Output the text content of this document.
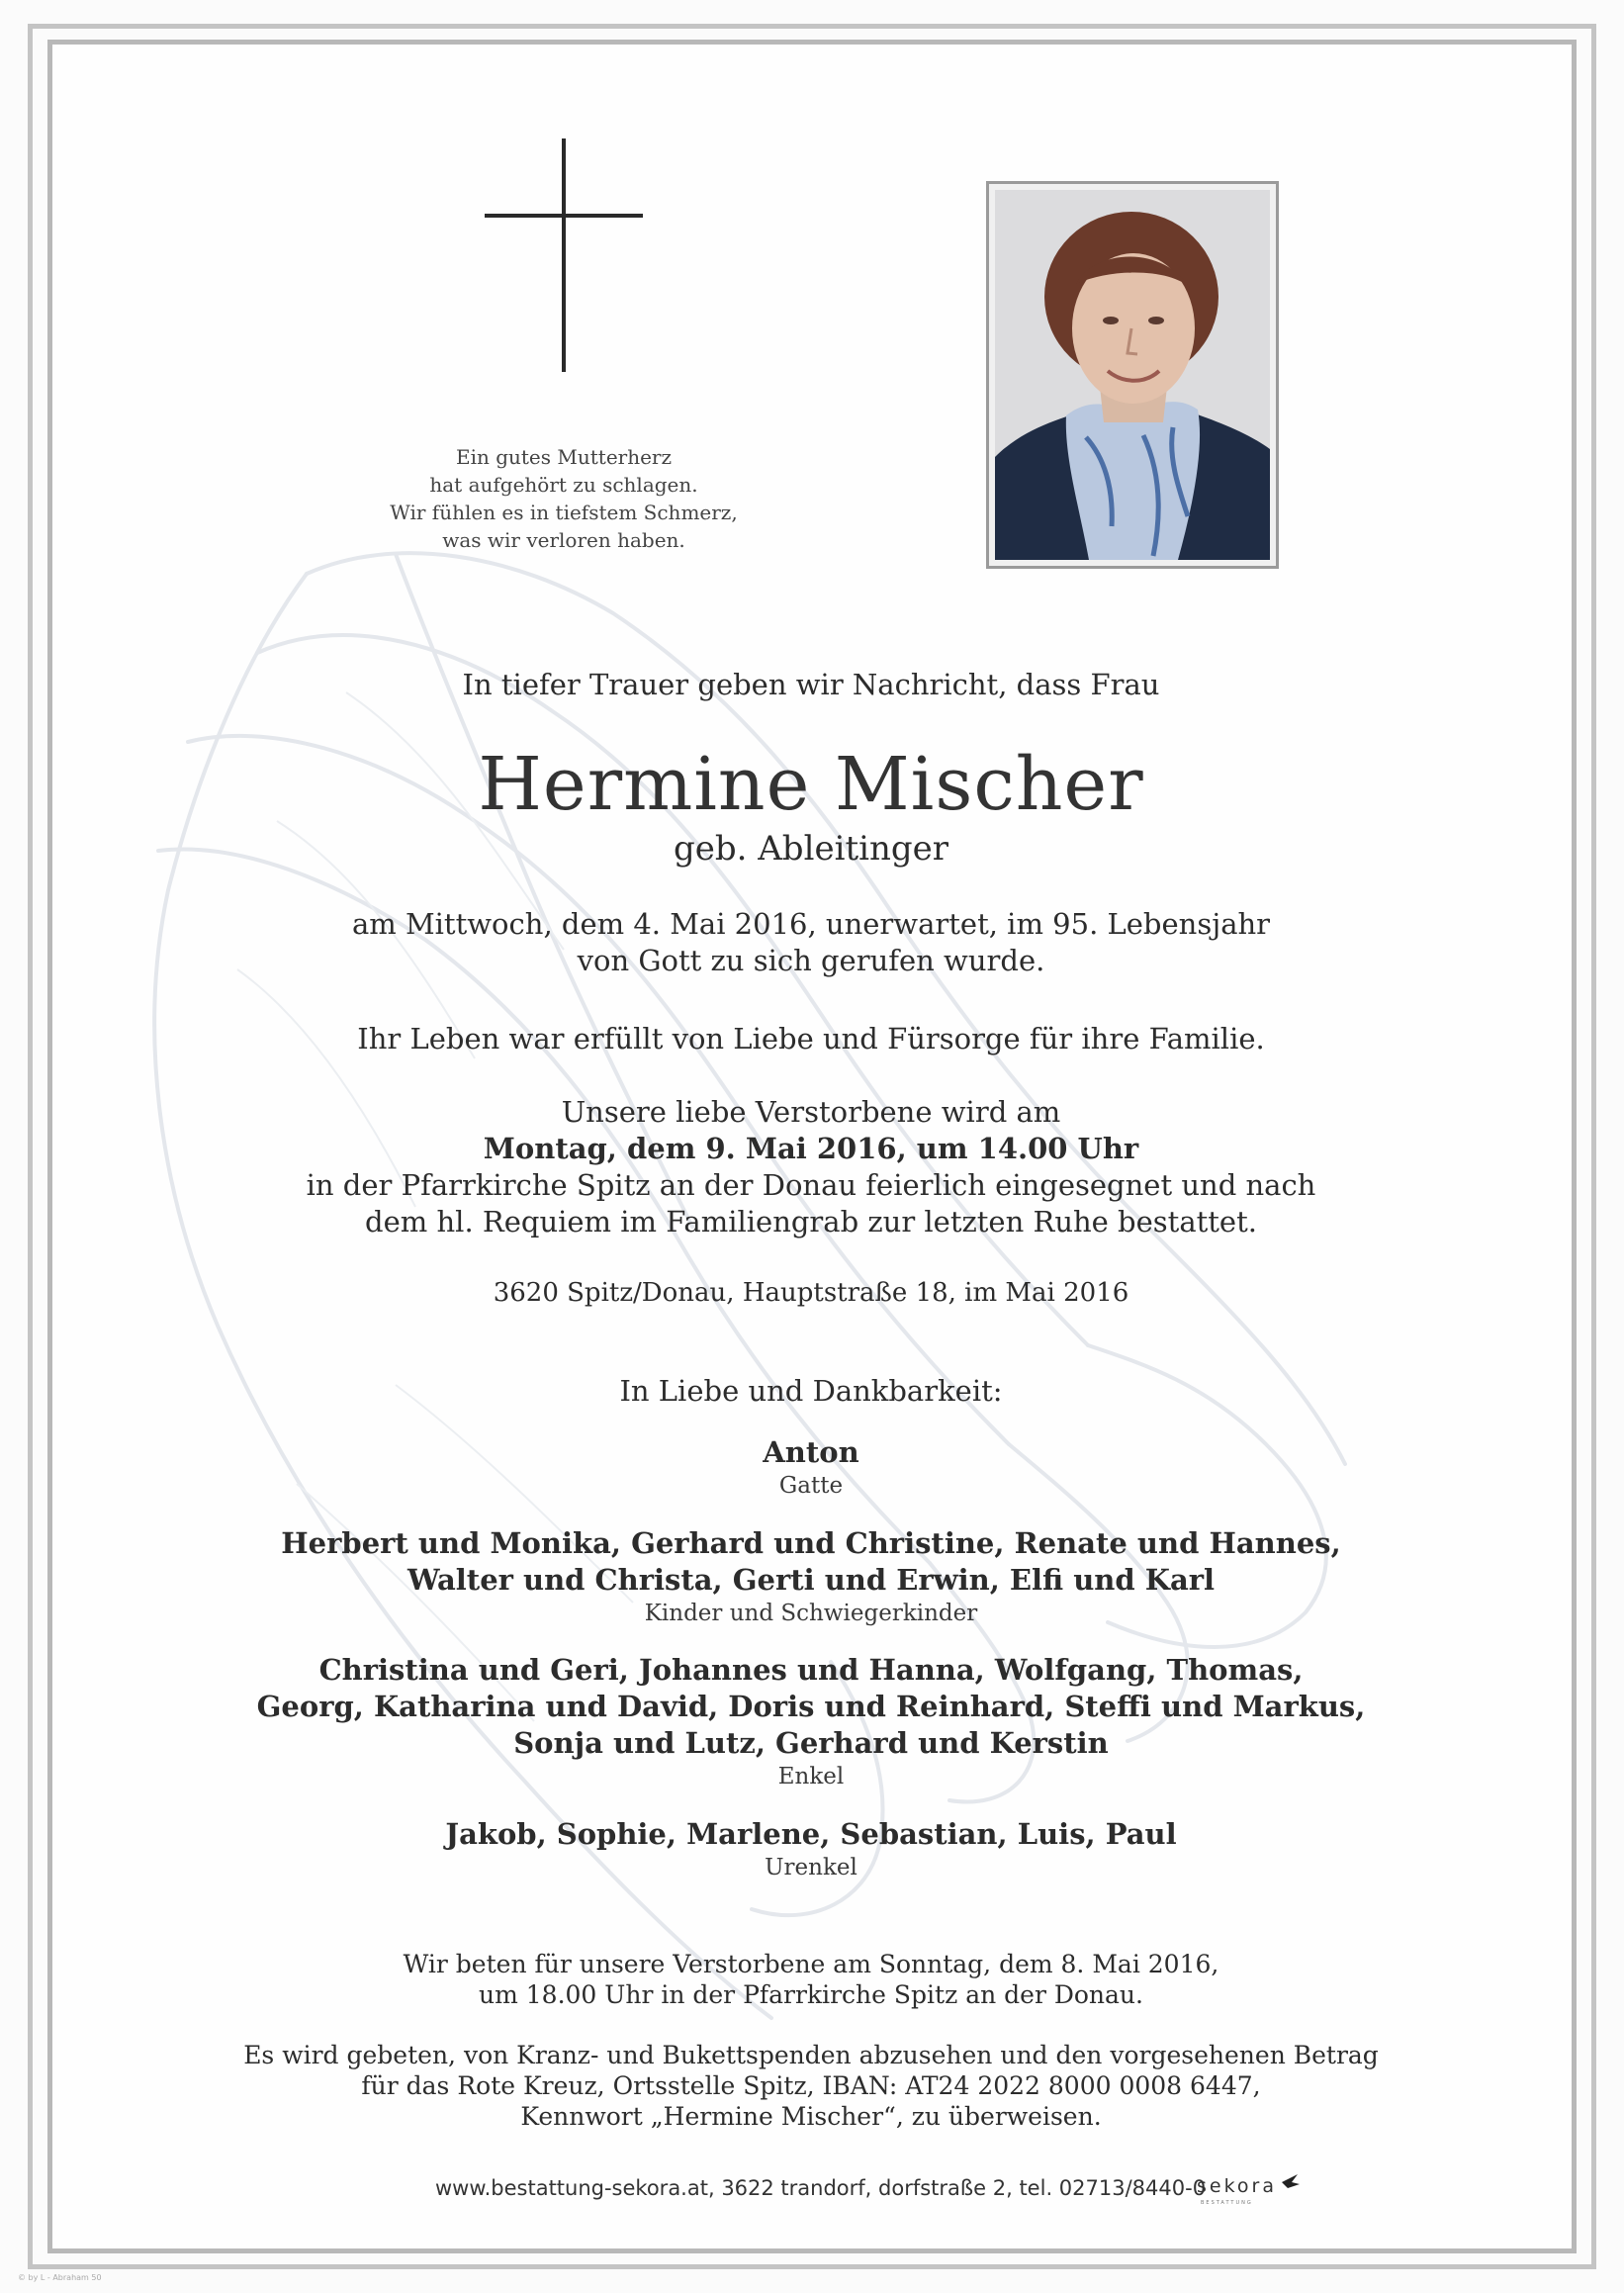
Ein gutes Mutterherz
hat aufgehört zu schlagen.
Wir fühlen es in tiefstem Schmerz,
was wir verloren haben.
In tiefer Trauer geben wir Nachricht, dass Frau
Hermine Mischer
geb. Ableitinger
am Mittwoch, dem 4. Mai 2016, unerwartet, im 95. Lebensjahr
von Gott zu sich gerufen wurde.
Ihr Leben war erfüllt von Liebe und Fürsorge für ihre Familie.
Unsere liebe Verstorbene wird am
Montag, dem 9. Mai 2016, um 14.00 Uhr
in der Pfarrkirche Spitz an der Donau feierlich eingesegnet und nach
dem hl. Requiem im Familiengrab zur letzten Ruhe bestattet.
3620 Spitz/Donau, Hauptstraße 18, im Mai 2016
In Liebe und Dankbarkeit:
Anton
Gatte
Herbert und Monika, Gerhard und Christine, Renate und Hannes,
Walter und Christa, Gerti und Erwin, Elfi und Karl
Kinder und Schwiegerkinder
Christina und Geri, Johannes und Hanna, Wolfgang, Thomas,
Georg, Katharina und David, Doris und Reinhard, Steffi und Markus,
Sonja und Lutz, Gerhard und Kerstin
Enkel
Jakob, Sophie, Marlene, Sebastian, Luis, Paul
Urenkel
Wir beten für unsere Verstorbene am Sonntag, dem 8. Mai 2016,
um 18.00 Uhr in der Pfarrkirche Spitz an der Donau.
Es wird gebeten, von Kranz- und Bukettspenden abzusehen und den vorgesehenen Betrag
für das Rote Kreuz, Ortsstelle Spitz, IBAN: AT24 2022 8000 0008 6447,
Kennwort „Hermine Mischer“, zu überweisen.
www.bestattung-sekora.at, 3622 trandorf, dorfstraße 2, tel. 02713/8440-0
sekora
BESTATTUNG
© by L - Abraham 50
